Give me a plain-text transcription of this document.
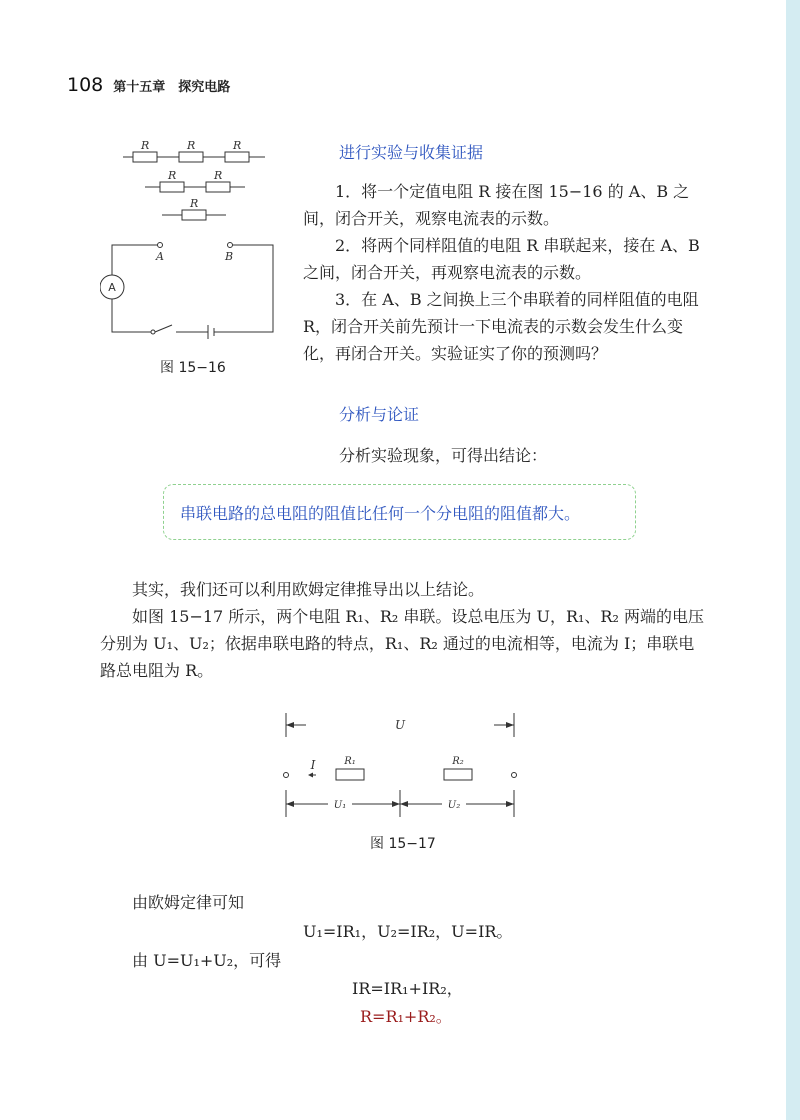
108 第十五章　探究电路
R	R	R
R	R
R
A	B
A
图 15−16
进行实验与收集证据

1．将一个定值电阻 R 接在图 15−16 的 A、B 之间，闭合开关，观察电流表的示数。

2．将两个同样阻值的电阻 R 串联起来，接在 A、B 之间，闭合开关，再观察电流表的示数。

3．在 A、B 之间换上三个串联着的同样阻值的电阻 R，闭合开关前先预计一下电流表的示数会发生什么变化，再闭合开关。实验证实了你的预测吗？

分析与论证
分析实验现象，可得出结论：
串联电路的总电阻的阻值比任何一个分电阻的阻值都大。

其实，我们还可以利用欧姆定律推导出以上结论。

如图 15−17 所示，两个电阻 R₁、R₂ 串联。设总电压为 U，R₁、R₂ 两端的电压分别为 U₁、U₂；依据串联电路的特点，R₁、R₂ 通过的电流相等，电流为 I；串联电路总电阻为 R。

U
I	R₁	R₂
U₁	U₂
图 15−17
由欧姆定律可知
U₁=IR₁，U₂=IR₂，U=IR。
由 U=U₁+U₂，可得
IR=IR₁+IR₂，
R=R₁+R₂。
